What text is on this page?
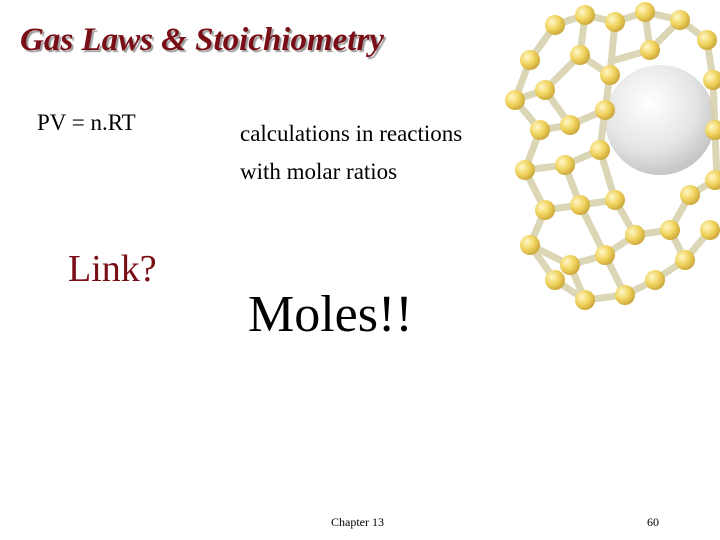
Gas Laws & Stoichiometry
PV = n.RT	calculations in reactions
with molar ratios
Link?
Moles!!
Chapter 13	60
